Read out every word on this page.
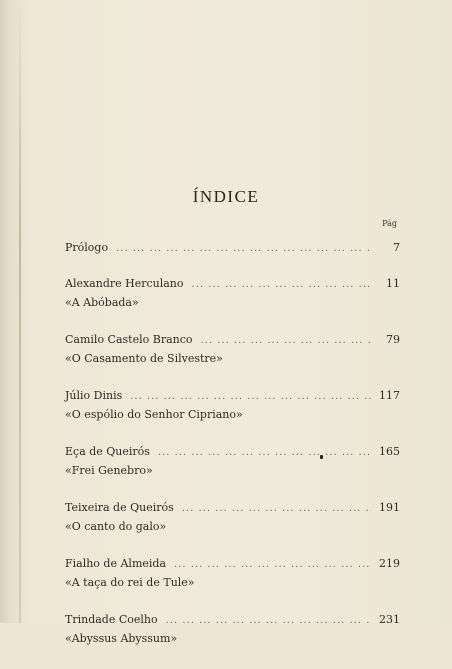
ÍNDICE
Pág
Prólogo ... .	7
Alexandre Herculano ... .	11
«A Abóbada»
Camilo Castelo Branco ... .	79
«O Casamento de Silvestre»
Júlio Dinis ... .	117
«O espólio do Senhor Cipriano»
Eça de Queirós ... .	165
«Frei Genebro»
Teixeira de Queirós ... .	191
«O canto do galo»
Fialho de Almeida ... .	219
«A taça do rei de Tule»
Trindade Coelho ... .	231
«Abyssus Abyssum»
